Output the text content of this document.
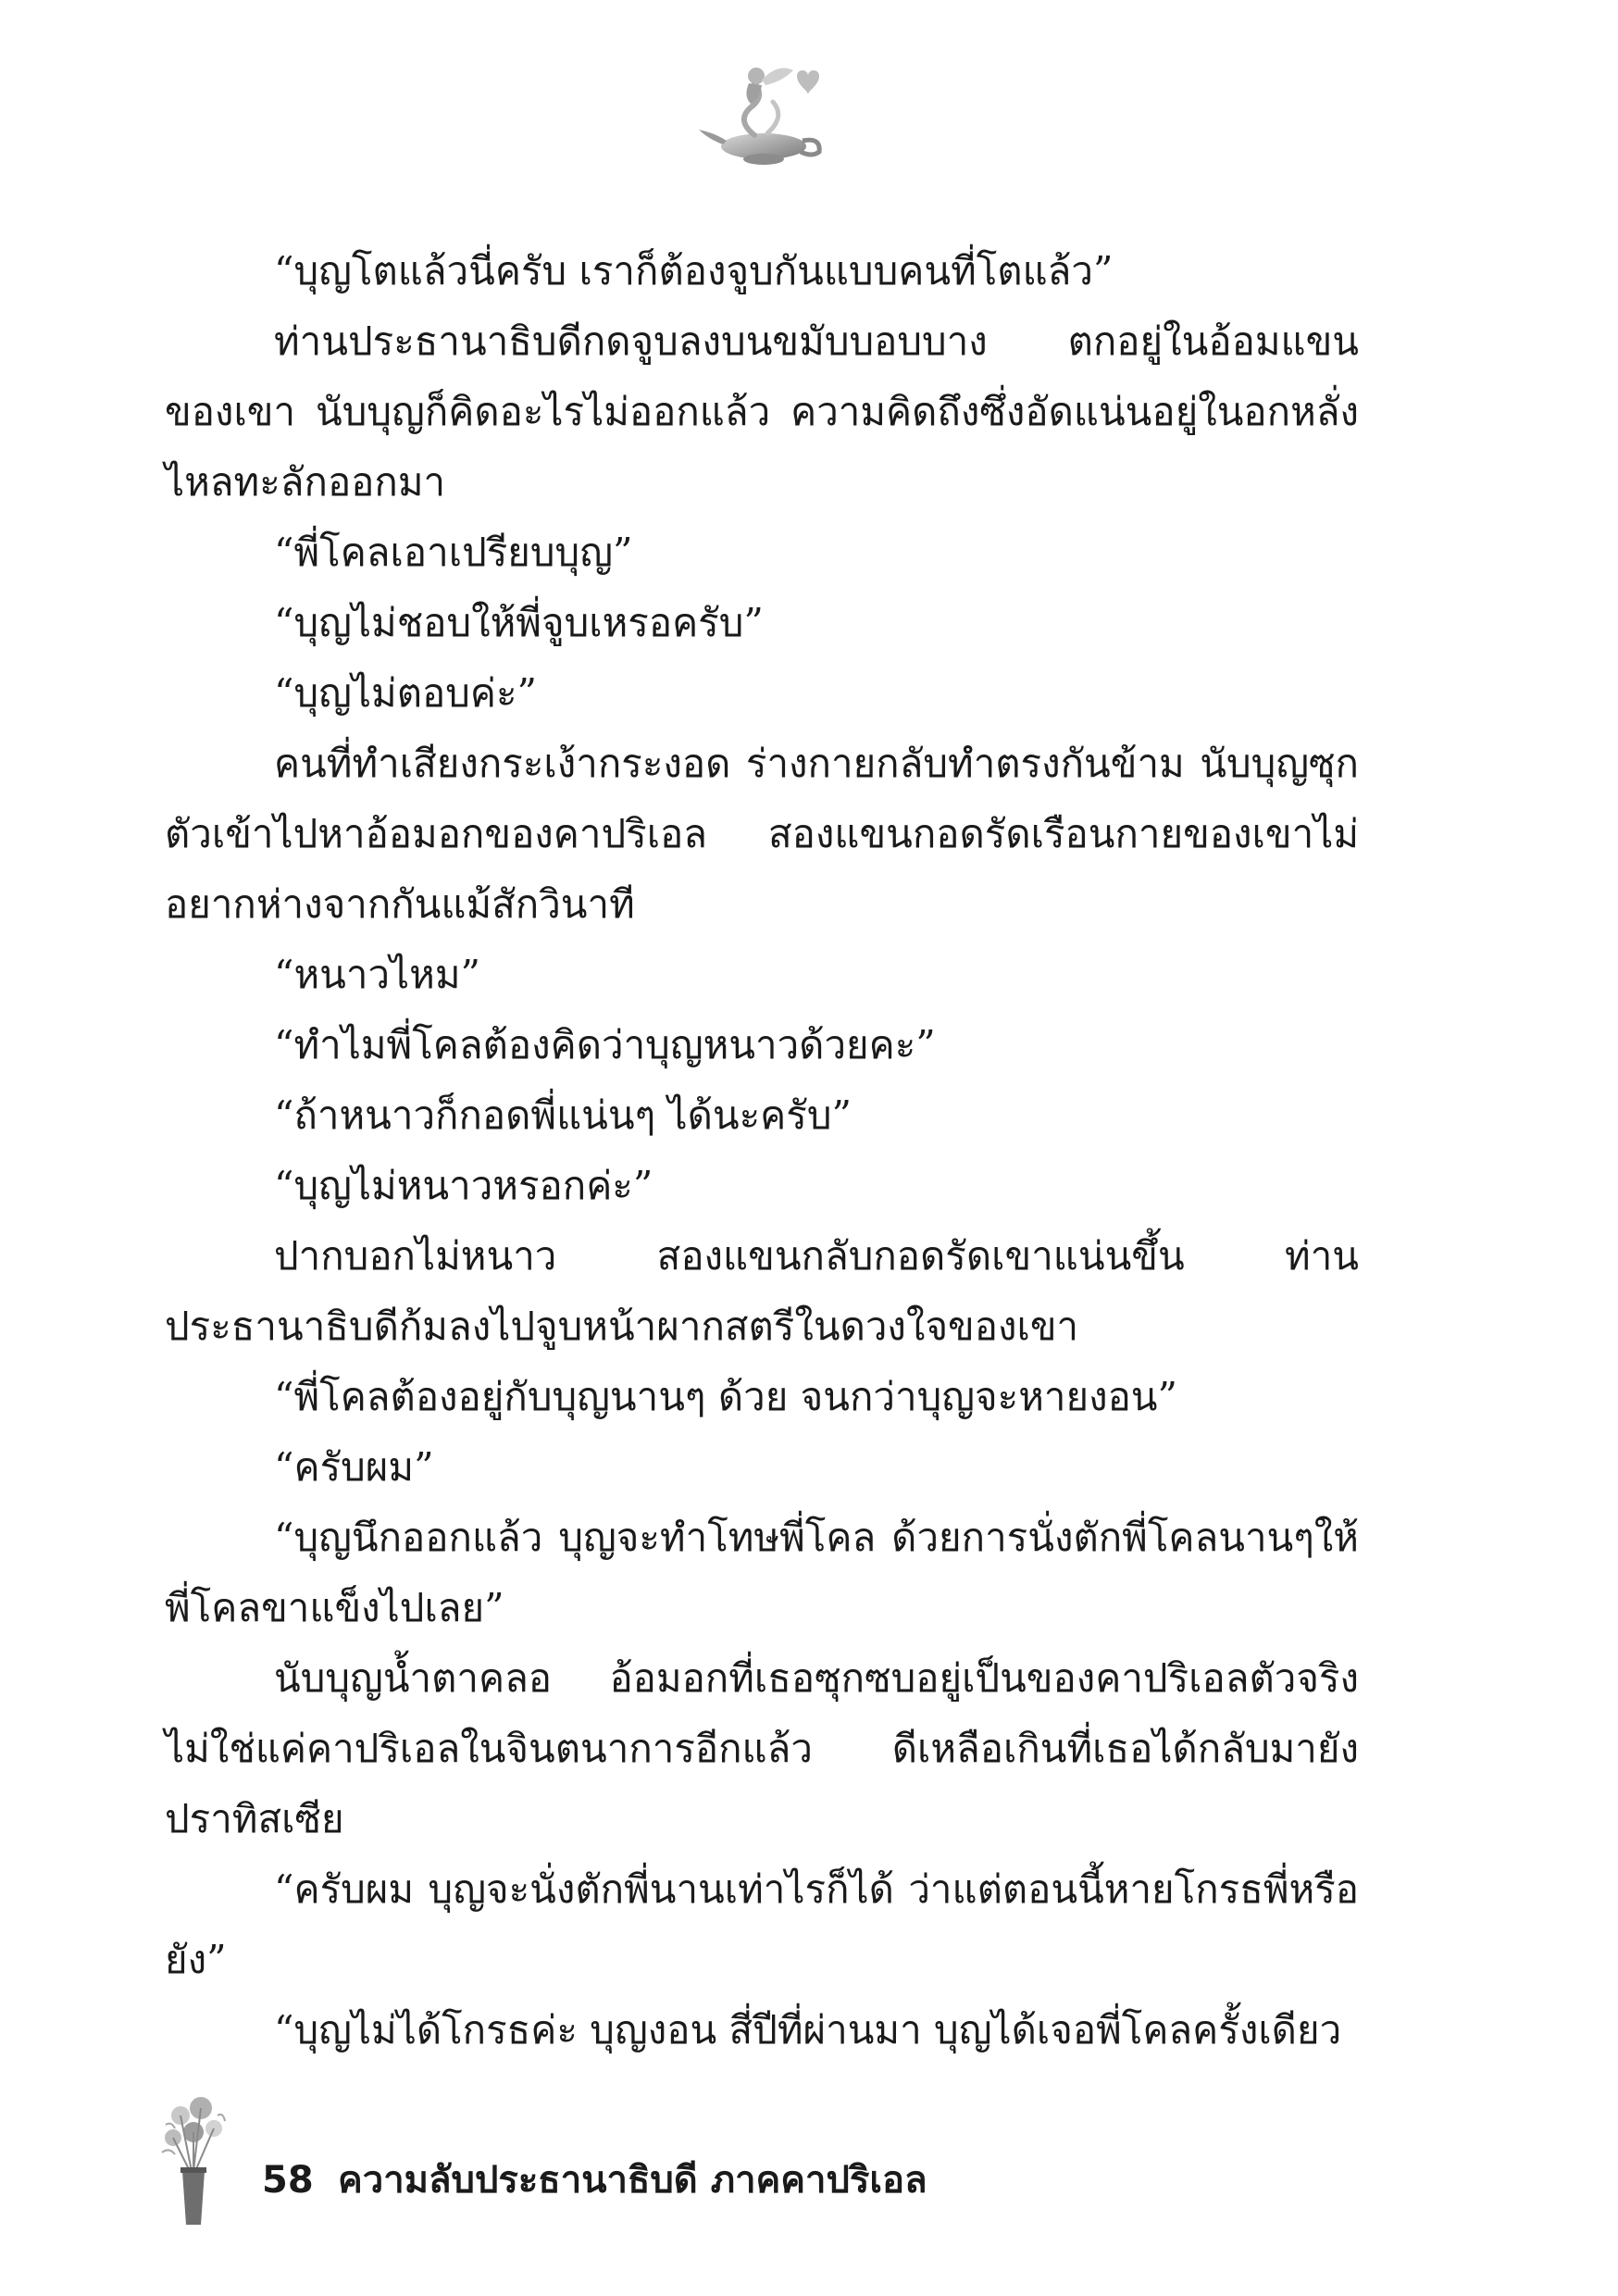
“บุญโตแล้วนี่ครับ เราก็ต้องจูบกันแบบคนที่โตแล้ว”

ท่านประธานาธิบดีกดจูบลงบนขมับบอบบาง ตกอยู่ในอ้อมแขนของเขา นับบุญก็คิดอะไรไม่ออกแล้ว ความคิดถึงซึ่งอัดแน่นอยู่ในอกหลั่งไหลทะลักออกมา

“พี่โคลเอาเปรียบบุญ”

“บุญไม่ชอบให้พี่จูบเหรอครับ”

“บุญไม่ตอบค่ะ”

คนที่ทำเสียงกระเง้ากระงอด ร่างกายกลับทำตรงกันข้าม นับบุญซุกตัวเข้าไปหาอ้อมอกของคาปริเอล สองแขนกอดรัดเรือนกายของเขาไม่อยากห่างจากกันแม้สักวินาที

“หนาวไหม”

“ทำไมพี่โคลต้องคิดว่าบุญหนาวด้วยคะ”

“ถ้าหนาวก็กอดพี่แน่นๆ ได้นะครับ”

“บุญไม่หนาวหรอกค่ะ”

ปากบอกไม่หนาว สองแขนกลับกอดรัดเขาแน่นขึ้น ท่านประธานาธิบดีก้มลงไปจูบหน้าผากสตรีในดวงใจของเขา

“พี่โคลต้องอยู่กับบุญนานๆ ด้วย จนกว่าบุญจะหายงอน”

“ครับผม”

“บุญนึกออกแล้ว บุญจะทำโทษพี่โคล ด้วยการนั่งตักพี่โคลนานๆให้พี่โคลขาแข็งไปเลย”

นับบุญน้ำตาคลอ อ้อมอกที่เธอซุกซบอยู่เป็นของคาปริเอลตัวจริงไม่ใช่แค่คาปริเอลในจินตนาการอีกแล้ว ดีเหลือเกินที่เธอได้กลับมายังปราทิสเซีย

“ครับผม บุญจะนั่งตักพี่นานเท่าไรก็ได้ ว่าแต่ตอนนี้หายโกรธพี่หรือยัง”

“บุญไม่ได้โกรธค่ะ บุญงอน สี่ปีที่ผ่านมา บุญได้เจอพี่โคลครั้งเดียว

58 ความลับประธานาธิบดี ภาคคาปริเอล
